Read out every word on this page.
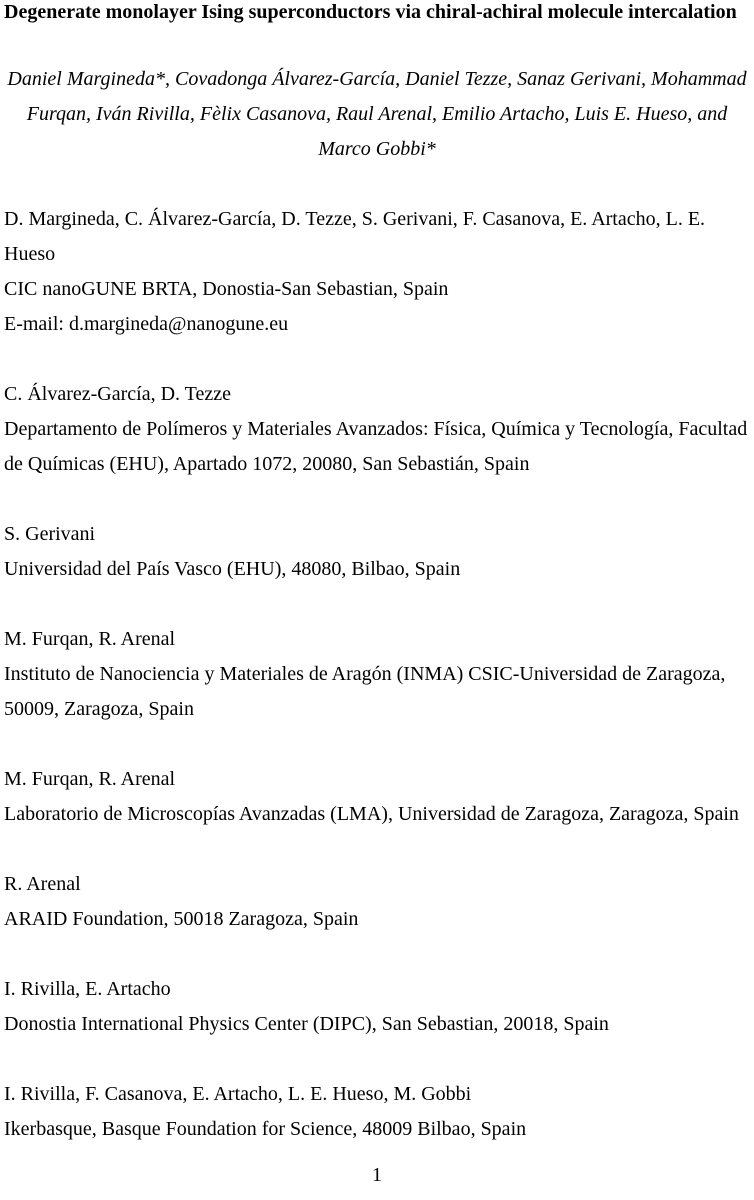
Degenerate monolayer Ising superconductors via chiral-achiral molecule intercalation
Daniel Margineda*, Covadonga Álvarez-García, Daniel Tezze, Sanaz Gerivani, Mohammad
Furqan, Iván Rivilla, Fèlix Casanova, Raul Arenal, Emilio Artacho, Luis E. Hueso, and
Marco Gobbi*

D. Margineda, C. Álvarez-García, D. Tezze, S. Gerivani, F. Casanova, E. Artacho, L. E.
Hueso
CIC nanoGUNE BRTA, Donostia-San Sebastian, Spain
E-mail: d.margineda@nanogune.eu

C. Álvarez-García, D. Tezze
Departamento de Polímeros y Materiales Avanzados: Física, Química y Tecnología, Facultad
de Químicas (EHU), Apartado 1072, 20080, San Sebastián, Spain

S. Gerivani
Universidad del País Vasco (EHU), 48080, Bilbao, Spain

M. Furqan, R. Arenal
Instituto de Nanociencia y Materiales de Aragón (INMA) CSIC-Universidad de Zaragoza,
50009, Zaragoza, Spain

M. Furqan, R. Arenal
Laboratorio de Microscopías Avanzadas (LMA), Universidad de Zaragoza, Zaragoza, Spain

R. Arenal
ARAID Foundation, 50018 Zaragoza, Spain

I. Rivilla, E. Artacho
Donostia International Physics Center (DIPC), San Sebastian, 20018, Spain

I. Rivilla, F. Casanova, E. Artacho, L. E. Hueso, M. Gobbi
Ikerbasque, Basque Foundation for Science, 48009 Bilbao, Spain

1
